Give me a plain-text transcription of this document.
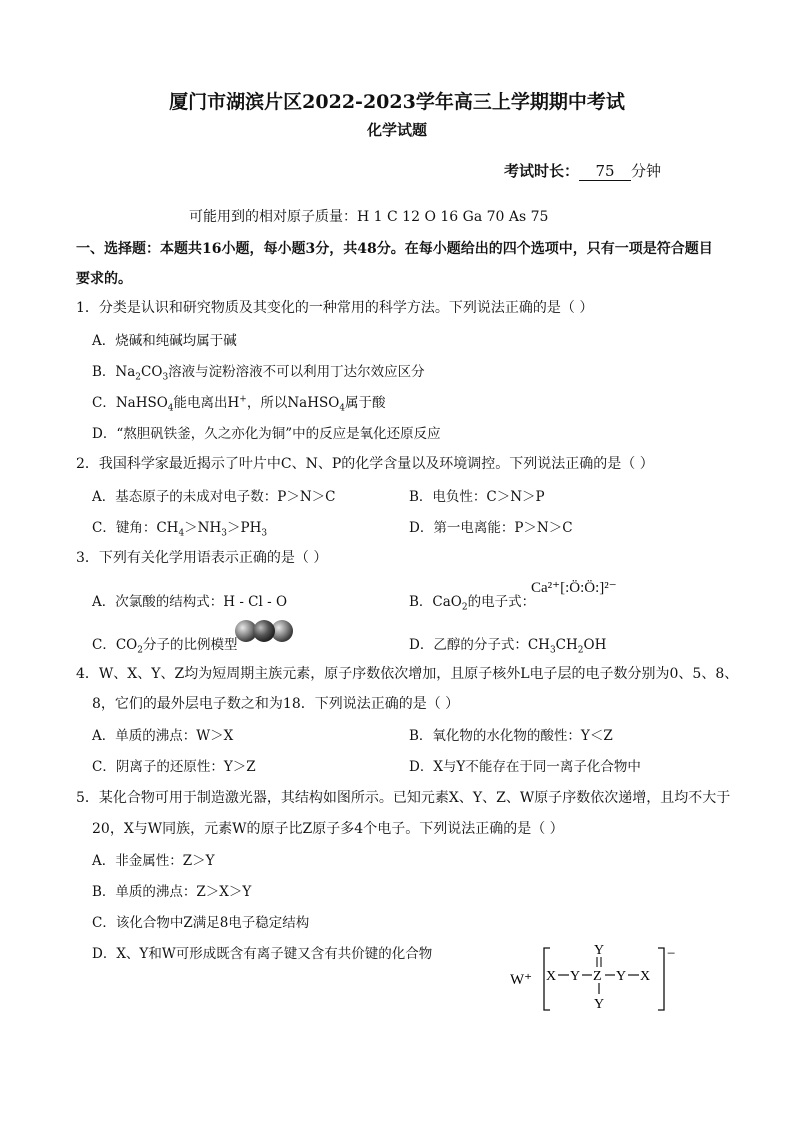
厦门市湖滨片区2022-2023学年高三上学期期中考试
化学试题
考试时长： 75 分钟
可能用到的相对原子质量：H 1 C 12 O 16 Ga 70 As 75
一、选择题：本题共16小题，每小题3分，共48分。在每小题给出的四个选项中，只有一项是符合题目要求的。
1．分类是认识和研究物质及其变化的一种常用的科学方法。下列说法正确的是（ ）
A．烧碱和纯碱均属于碱
B．$Na_2CO_3$溶液与淀粉溶液不可以利用丁达尔效应区分
C．NaHSO$_4$能电离出H+，所以NaHSO$_4$属于酸
D．“熬胆矾铁釜，久之亦化为铜”中的反应是氧化还原反应
2．我国科学家最近揭示了叶片中C、N、P的化学含量以及环境调控。下列说法正确的是（ ）
A．基态原子的未成对电子数：P＞N＞C	B．电负性：C＞N＞P
C．键角：$CH_4>NH_3>PH_3$	D．第一电离能：P＞N＞C
3．下列有关化学用语表示正确的是（ ）
A．次氯酸的结构式：H - Cl - O	B．CaO$_2$的电子式：
Ca²⁺[:Ö:Ö:]²⁻
C．$CO_2$分子的比例模型	D．乙醇的分子式：$CH_3CH_2OH$
4．W、X、Y、Z均为短周期主族元素，原子序数依次增加，且原子核外L电子层的电子数分别为0、5、8、
8，它们的最外层电子数之和为18．下列说法正确的是（ ）
A．单质的沸点：W＞X	B．氧化物的水化物的酸性：Y＜Z
C．阴离子的还原性：Y＞Z	D．X与Y不能存在于同一离子化合物中
5．某化合物可用于制造激光器，其结构如图所示。已知元素X、Y、Z、W原子序数依次递增，且均不大于
20，X与W同族，元素W的原子比Z原子多4个电子。下列说法正确的是（ ）
A．非金属性：Z＞Y
B．单质的沸点：Z＞X＞Y
C．该化合物中Z满足8电子稳定结构
D．X、Y和W可形成既含有离子键又含有共价键的化合物
W⁺
−
X Y Z Y X
Y
Y
